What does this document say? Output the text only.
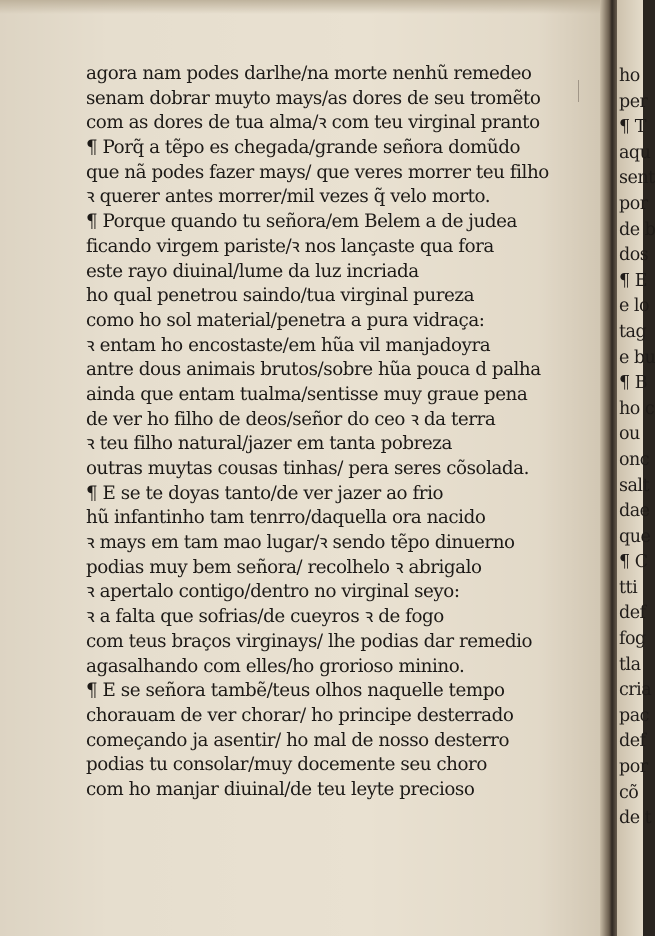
agora nam podes darlhe/na morte nenhũ remedeo
senam dobrar muyto mays/as dores de seu tromẽto
com as dores de tua alma/ꝛ com teu virginal pranto
¶ Porq̃ a tẽpo es chegada/grande señora domũdo
que nã podes fazer mays/ que veres morrer teu filho
ꝛ querer antes morrer/mil vezes q̃ velo morto.
¶ Porque quando tu señora/em Belem a de judea
ficando virgem pariste/ꝛ nos lançaste qua fora
este rayo diuinal/lume da luz incriada
ho qual penetrou saindo/tua virginal pureza
como ho sol material/penetra a pura vidraça:
ꝛ entam ho encostaste/em hũa vil manjadoyra
antre dous animais brutos/sobre hũa pouca d palha
ainda que entam tualma/sentisse muy graue pena
de ver ho filho de deos/señor do ceo ꝛ da terra
ꝛ teu filho natural/jazer em tanta pobreza
outras muytas cousas tinhas/ pera seres cõsolada.
¶ E se te doyas tanto/de ver jazer ao frio
hũ infantinho tam tenrro/daquella ora nacido
ꝛ mays em tam mao lugar/ꝛ sendo tẽpo dinuerno
podias muy bem señora/ recolhelo ꝛ abrigalo
ꝛ apertalo contigo/dentro no virginal seyo:
ꝛ a falta que sofrias/de cueyros ꝛ de fogo
com teus braços virginays/ lhe podias dar remedio
agasalhando com elles/ho grorioso minino.
¶ E se señora tambẽ/teus olhos naquelle tempo
chorauam de ver chorar/ ho principe desterrado
começando ja asentir/ ho mal de nosso desterro
podias tu consolar/muy docemente seu choro
com ho manjar diuinal/de teu leyte precioso
ho
per
¶ T
aqu
sent
por
de b
dos
¶ E
e lo
tag
e bu
¶ B
ho c
ou
onc
salt
dae
que
¶ C
tti
def
fog
tla
cria
pac
def
por
cõ
de t
